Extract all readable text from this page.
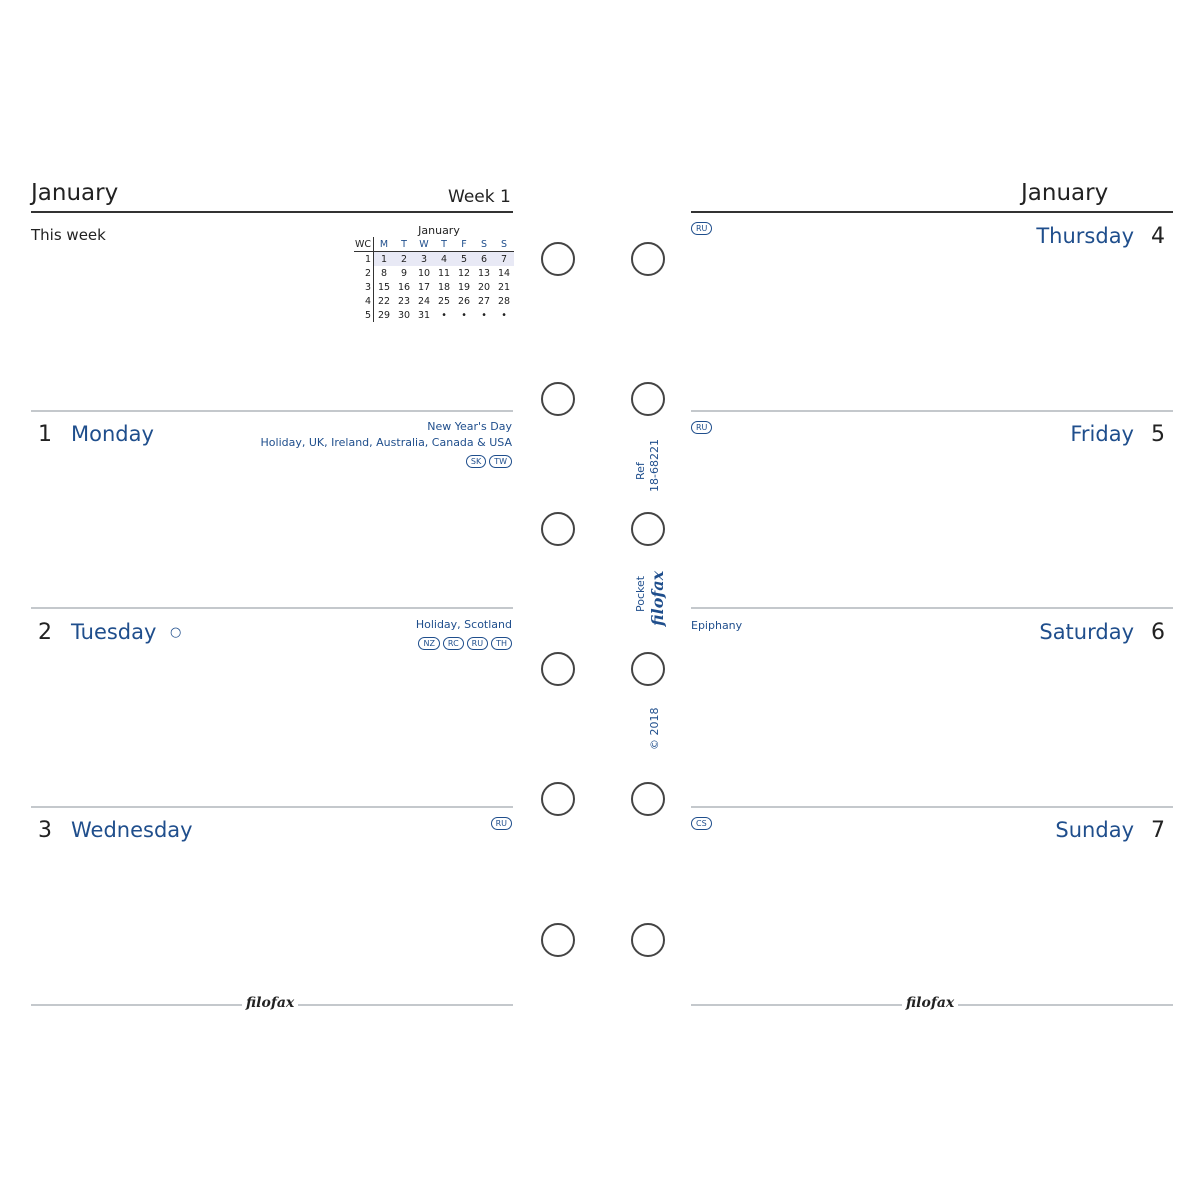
January	Week 1
This week	January
WC	M	T	W	T	F	S	S
1	1	2	3	4	5	6	7
2	8	9	10	11	12	13	14
3	15	16	17	18	19	20	21
4	22	23	24	25	26	27	28
5	29	30	31	•	•	•	•
1 Monday	New Year's Day
Holiday, UK, Ireland, Australia, Canada & USA
SK	TW
2 Tuesday ○
Holiday, Scotland
NZ	RC	RU	TH
3 Wednesday	RU
filofax
Ref 18-68221
Pocket filofax
© 2018
January
RU	Thursday 4
RU	Friday 5
Epiphany	Saturday 6
CS	Sunday 7
filofax
